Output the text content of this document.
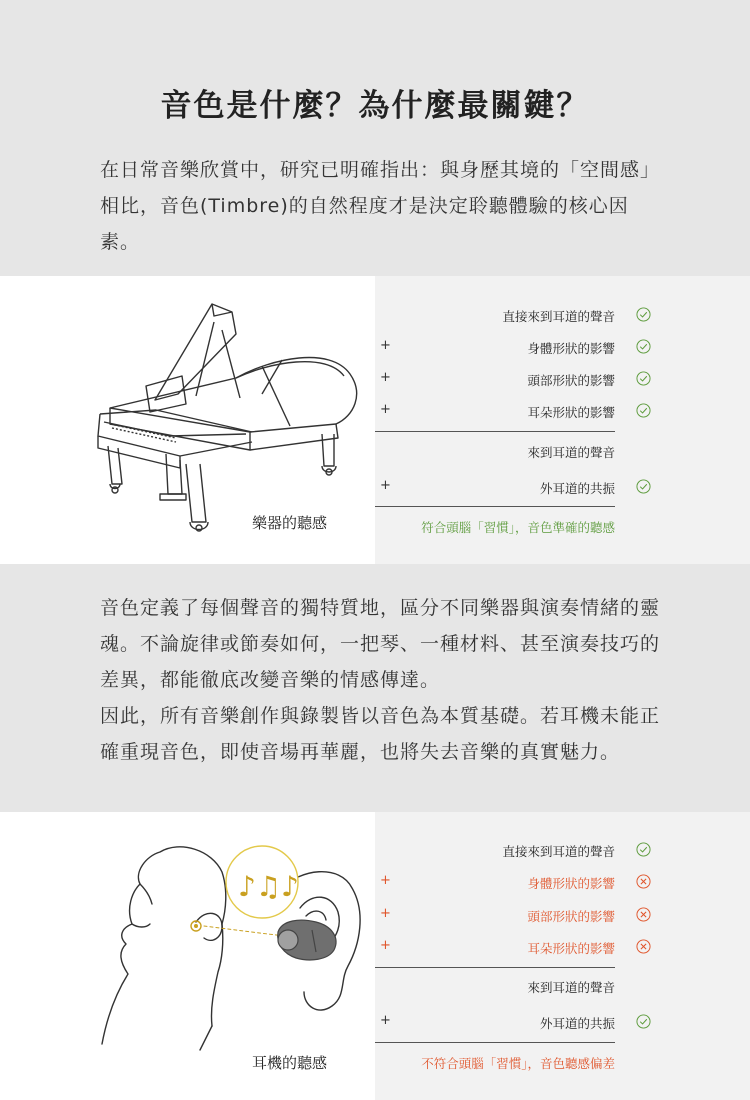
音色是什麼？為什麼最關鍵？

在日常音樂欣賞中，研究已明確指出：與身歷其境的「空間感」相比，音色(Timbre)的自然程度才是決定聆聽體驗的核心因素。

樂器的聽感
直接來到耳道的聲音
+	身體形狀的影響
+	頭部形狀的影響
+	耳朵形狀的影響
來到耳道的聲音
+	外耳道的共振
符合頭腦「習慣」，音色準確的聽感

音色定義了每個聲音的獨特質地，區分不同樂器與演奏情緒的靈魂。不論旋律或節奏如何，一把琴、一種材料、甚至演奏技巧的差異，都能徹底改變音樂的情感傳達。
因此，所有音樂創作與錄製皆以音色為本質基礎。若耳機未能正確重現音色，即使音場再華麗，也將失去音樂的真實魅力。

♪♫♪
耳機的聽感
直接來到耳道的聲音
+	身體形狀的影響
+	頭部形狀的影響
+	耳朵形狀的影響
來到耳道的聲音
+	外耳道的共振
不符合頭腦「習慣」，音色聽感偏差
